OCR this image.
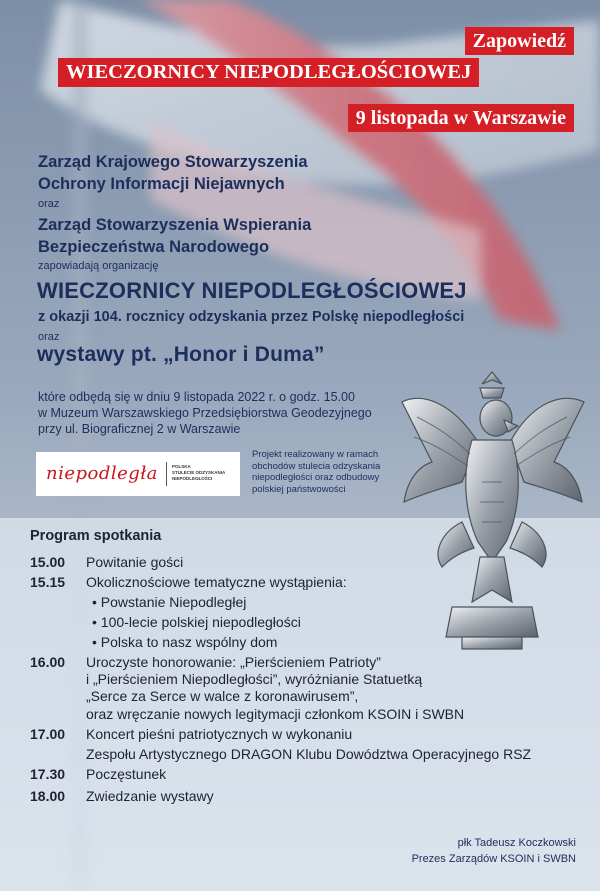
Zapowiedź
WIECZORNICY NIEPODLEGŁOŚCIOWEJ
9 listopada w Warszawie
Zarząd Krajowego Stowarzyszenia
Ochrony Informacji Niejawnych
oraz
Zarząd Stowarzyszenia Wspierania
Bezpieczeństwa Narodowego
zapowiadają organizację
WIECZORNICY NIEPODLEGŁOŚCIOWEJ
z okazji 104. rocznicy odzyskania przez Polskę niepodległości
oraz
wystawy pt. „Honor i Duma”
które odbędą się w dniu 9 listopada 2022 r. o godz. 15.00
w Muzeum Warszawskiego Przedsiębiorstwa Geodezyjnego
przy ul. Biograficznej 2 w Warszawie
niepodległa	POLSKA
STULECIE ODZYSKANIA
NIEPODLEGŁOŚCI
Projekt realizowany w ramach
obchodów stulecia odzyskania
niepodległości oraz odbudowy
polskiej państwowości
Program spotkania
15.00 Powitanie gości
15.15 Okolicznościowe tematyczne wystąpienia:
• Powstanie Niepodległej
• 100-lecie polskiej niepodległości
• Polska to nasz wspólny dom
16.00 Uroczyste honorowanie: „Pierścieniem Patrioty”
i „Pierścieniem Niepodległości”, wyróżnianie Statuetką
„Serce za Serce w walce z koronawirusem”,
oraz wręczanie nowych legitymacji członkom KSOIN i SWBN
17.00 Koncert pieśni patriotycznych w wykonaniu
Zespołu Artystycznego DRAGON Klubu Dowództwa Operacyjnego RSZ
17.30 Poczęstunek
18.00 Zwiedzanie wystawy
płk Tadeusz Koczkowski
Prezes Zarządów KSOIN i SWBN
